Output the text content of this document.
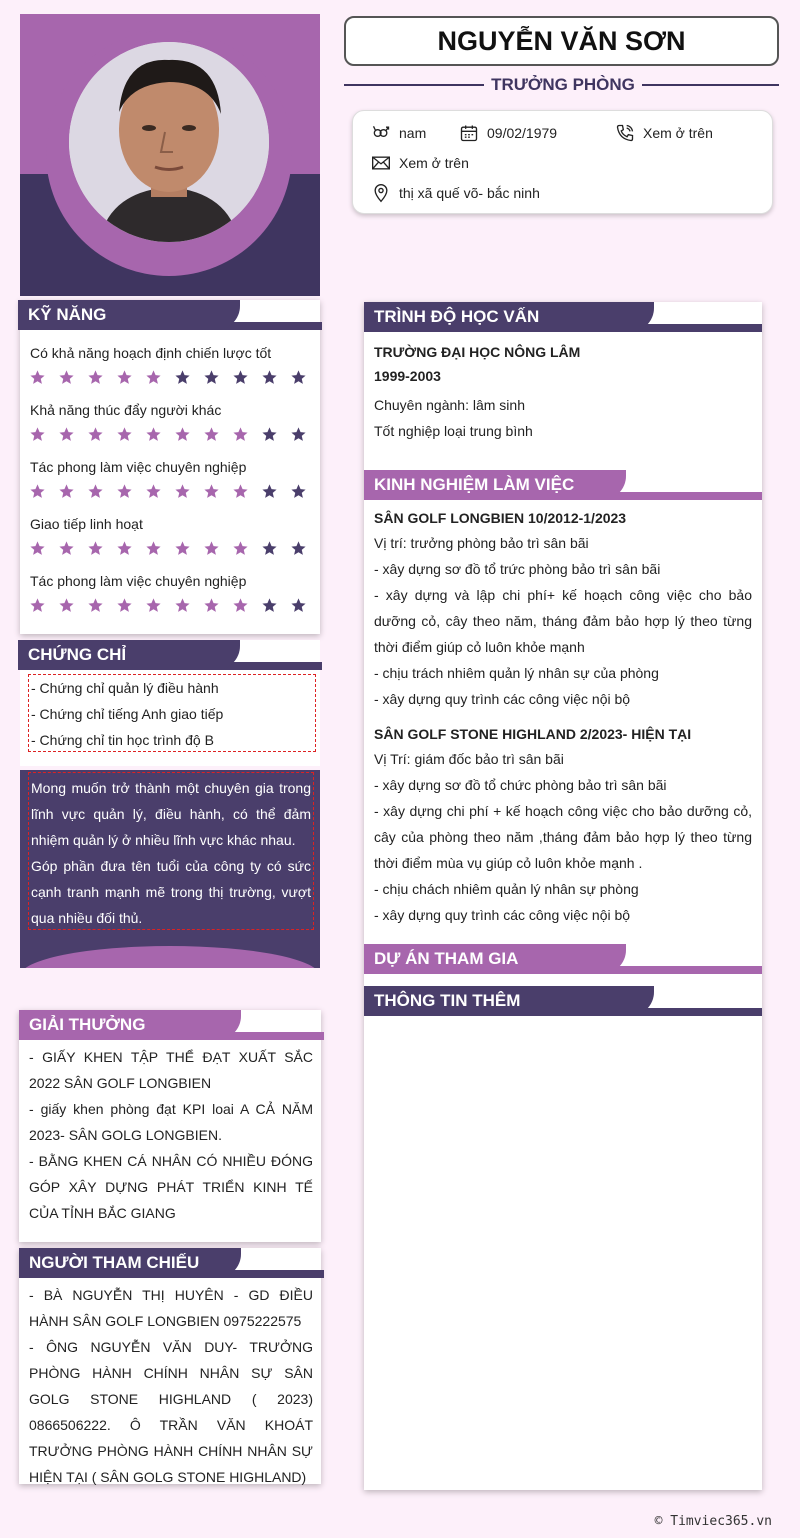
NGUYỄN VĂN SƠN
TRƯỞNG PHÒNG
nam	09/02/1979	Xem ở trên
Xem ở trên
thị xã quế võ- bắc ninh
KỸ NĂNG
Có khả năng hoạch định chiến lược tốt
Khả năng thúc đẩy người khác
Tác phong làm việc chuyên nghiệp
Giao tiếp linh hoạt
Tác phong làm việc chuyên nghiệp
CHỨNG CHỈ
- Chứng chỉ quản lý điều hành
- Chứng chỉ tiếng Anh giao tiếp
- Chứng chỉ tin học trình độ B
Mong muốn trở thành một chuyên gia trong lĩnh vực quản lý, điều hành, có thể đảm nhiệm quản lý ở nhiều lĩnh vực khác nhau.
Góp phần đưa tên tuổi của công ty có sức cạnh tranh mạnh mẽ trong thị trường, vượt qua nhiều đối thủ.
GIẢI THƯỞNG
- GIẤY KHEN TẬP THỂ ĐẠT XUẤT SẮC 2022 SÂN GOLF LONGBIEN
- giấy khen phòng đạt KPI loai A CẢ NĂM 2023- SÂN GOLG LONGBIEN.
- BẰNG KHEN CÁ NHÂN CÓ NHIỀU ĐÓNG GÓP XÂY DỰNG PHÁT TRIỂN KINH TẾ CỦA TỈNH BẮC GIANG
NGƯỜI THAM CHIẾU
- BÀ NGUYỄN THỊ HUYÊN - GD ĐIỀU HÀNH SÂN GOLF LONGBIEN 0975222575
- ÔNG NGUYỄN VĂN DUY- TRƯỞNG PHÒNG HÀNH CHÍNH NHÂN SỰ SÂN GOLG STONE HIGHLAND ( 2023) 0866506222. Ô TRẦN VĂN KHOÁT TRƯỞNG PHÒNG HÀNH CHÍNH NHÂN SỰ HIỆN TẠI ( SÂN GOLG STONE HIGHLAND)
TRÌNH ĐỘ HỌC VẤN
TRƯỜNG ĐẠI HỌC NÔNG LÂM
1999-2003
Chuyên ngành: lâm sinh
Tốt nghiệp loại trung bình
KINH NGHIỆM LÀM VIỆC
SÂN GOLF LONGBIEN 10/2012-1/2023
Vị trí: trưởng phòng bảo trì sân bãi
- xây dựng sơ đồ tổ trức phòng bảo trì sân bãi
- xây dựng và lập chi phí+ kế hoạch công việc cho bảo dưỡng cỏ, cây theo năm, tháng đảm bảo hợp lý theo từng thời điểm giúp cỏ luôn khỏe mạnh
- chịu trách nhiêm quản lý nhân sự của phòng
- xây dựng quy trình các công việc nội bộ
SÂN GOLF STONE HIGHLAND 2/2023- HIỆN TẠI
Vị Trí: giám đốc bảo trì sân bãi
- xây dựng sơ đồ tổ chức phòng bảo trì sân bãi
- xây dựng chi phí + kế hoạch công việc cho bảo dưỡng cỏ, cây của phòng theo năm ,tháng đảm bảo hợp lý theo từng thời điểm mùa vụ giúp cỏ luôn khỏe mạnh .
- chịu chách nhiêm quản lý nhân sự phòng
- xây dựng quy trình các công việc nội bộ
DỰ ÁN THAM GIA
THÔNG TIN THÊM
© Timviec365.vn
